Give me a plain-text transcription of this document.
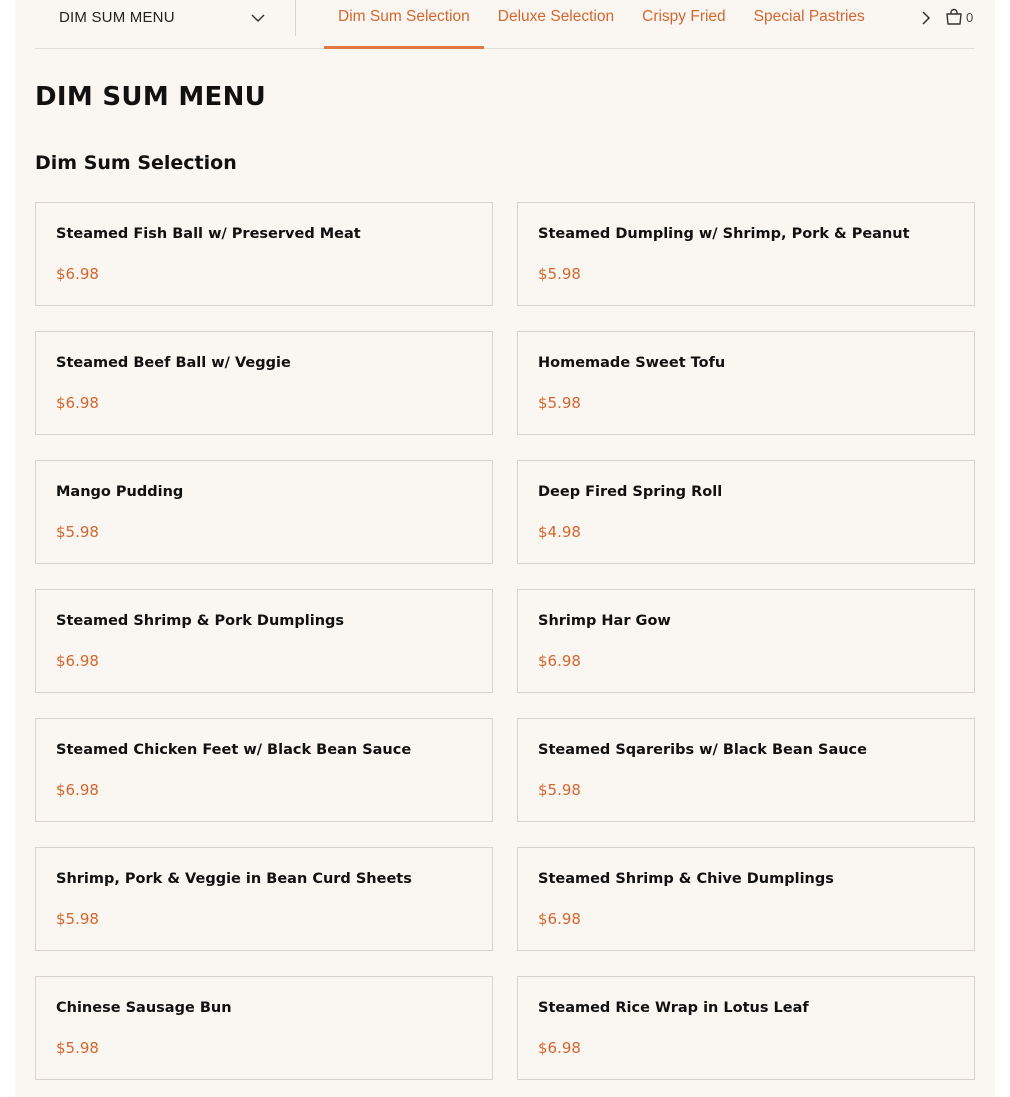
DIM SUM MENU	Dim Sum Selection	Deluxe Selection	Crispy Fried	Special Pastries	0
DIM SUM MENU
Dim Sum Selection
Steamed Fish Ball w/ Preserved Meat
$6.98
Steamed Dumpling w/ Shrimp, Pork & Peanut
$5.98
Steamed Beef Ball w/ Veggie
$6.98
Homemade Sweet Tofu
$5.98
Mango Pudding
$5.98
Deep Fired Spring Roll
$4.98
Steamed Shrimp & Pork Dumplings
$6.98
Shrimp Har Gow
$6.98
Steamed Chicken Feet w/ Black Bean Sauce
$6.98
Steamed Sqareribs w/ Black Bean Sauce
$5.98
Shrimp, Pork & Veggie in Bean Curd Sheets
$5.98
Steamed Shrimp & Chive Dumplings
$6.98
Chinese Sausage Bun
$5.98
Steamed Rice Wrap in Lotus Leaf
$6.98
